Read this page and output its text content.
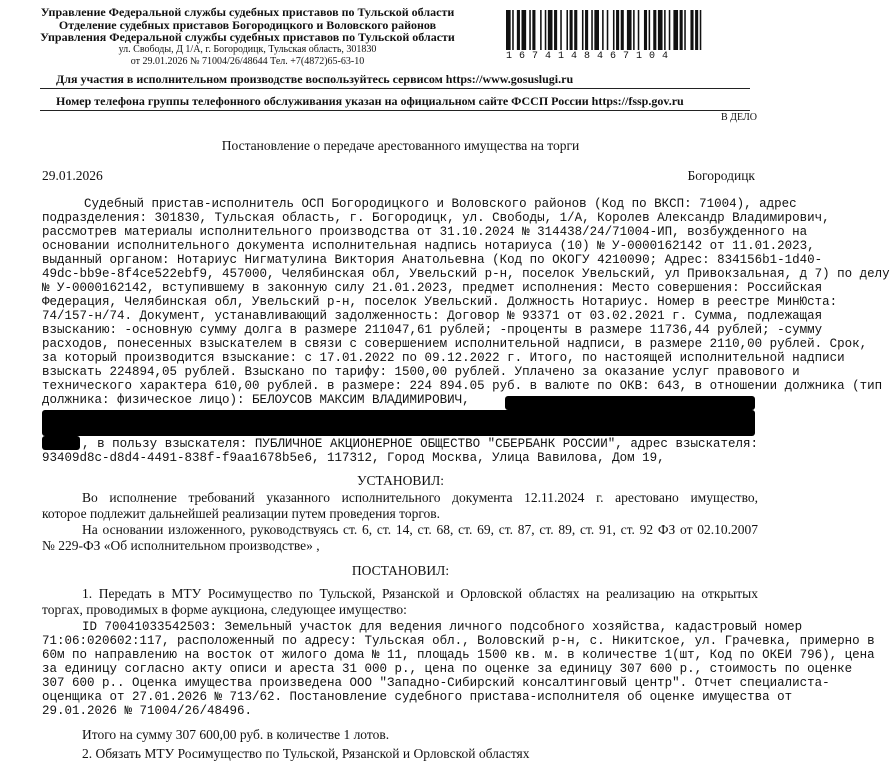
Управление Федеральной службы судебных приставов по Тульской области
Отделение судебных приставов Богородицкого и Воловского районов
Управления Федеральной службы судебных приставов по Тульской области
ул. Свободы, Д 1/А, г. Богородицк, Тульская область, 301830
от 29.01.2026 № 71004/26/48644 Тел. +7(4872)65-63-10	1674148467104
Для участия в исполнительном производстве воспользуйтесь сервисом https://www.gosuslugi.ru
Номер телефона группы телефонного обслуживания указан на официальном сайте ФССП России https://fssp.gov.ru
В ДЕЛО
Постановление о передаче арестованного имущества на торги
29.01.2026	Богородицк
Судебный пристав-исполнитель ОСП Богородицкого и Воловского районов (Код по ВКСП: 71004), адрес
подразделения: 301830, Тульская область, г. Богородицк, ул. Свободы, 1/А, Королев Александр Владимирович,
рассмотрев материалы исполнительного производства от 31.10.2024 № 314438/24/71004-ИП, возбужденного на
основании исполнительного документа исполнительная надпись нотариуса (10) № У-0000162142 от 11.01.2023,
выданный органом: Нотариус Нигматулина Виктория Анатольевна (Код по ОКОГУ 4210090; Адрес: 834156b1-1d40-
49dc-bb9e-8f4ce522ebf9, 457000, Челябинская обл, Увельский р-н, поселок Увельский, ул Привокзальная, д 7) по делу
№ У-0000162142, вступившему в законную силу 21.01.2023, предмет исполнения: Место совершения: Российская
Федерация, Челябинская обл, Увельский р-н, поселок Увельский. Должность Нотариус. Номер в реестре МинЮста:
74/157-н/74. Документ, устанавливающий задолженность: Договор № 93371 от 03.02.2021 г. Сумма, подлежащая
взысканию: -основную сумму долга в размере 211047,61 рублей; -проценты в размере 11736,44 рублей; -сумму
расходов, понесенных взыскателем в связи с совершением исполнительной надписи, в размере 2110,00 рублей. Срок,
за который производится взыскание: с 17.01.2022 по 09.12.2022 г. Итого, по настоящей исполнительной надписи
взыскать 224894,05 рублей. Взыскано по тарифу: 1500,00 рублей. Уплачено за оказание услуг правового и
технического характера 610,00 рублей. в размере: 224 894.05 руб. в валюте по ОКВ: 643, в отношении должника (тип
должника: физическое лицо): БЕЛОУСОВ МАКСИМ ВЛАДИМИРОВИЧ,
, в пользу взыскателя: ПУБЛИЧНОЕ АКЦИОНЕРНОЕ ОБЩЕСТВО "СБЕРБАНК РОССИИ", адрес взыскателя:
93409d8c-d8d4-4491-838f-f9aa1678b5e6, 117312, Город Москва, Улица Вавилова, Дом 19,
УСТАНОВИЛ:
Во исполнение требований указанного исполнительного документа 12.11.2024 г. арестовано имущество,
которое подлежит дальнейшей реализации путем проведения торгов.
На основании изложенного, руководствуясь ст. 6, ст. 14, ст. 68, ст. 69, ст. 87, ст. 89, ст. 91, ст. 92 ФЗ от 02.10.2007
№ 229-ФЗ «Об исполнительном производстве» ,
ПОСТАНОВИЛ:
1. Передать в МТУ Росимущество по Тульской, Рязанской и Орловской областях на реализацию на открытых
торгах, проводимых в форме аукциона, следующее имущество:
ID 70041033542503: Земельный участок для ведения личного подсобного хозяйства, кадастровый номер
71:06:020602:117, расположенный по адресу: Тульская обл., Воловский р-н, с. Никитское, ул. Грачевка, примерно в
60м по направлению на восток от жилого дома № 11, площадь 1500 кв. м. в количестве 1(шт, Код по ОКЕИ 796), цена
за единицу согласно акту описи и ареста 31 000 р., цена по оценке за единицу 307 600 р., стоимость по оценке
307 600 р.. Оценка имущества произведена ООО "Западно-Сибирский консалтинговый центр". Отчет специалиста-
оценщика от 27.01.2026 № 713/62. Постановление судебного пристава-исполнителя об оценке имущества от
29.01.2026 № 71004/26/48496.
Итого на сумму 307 600,00 руб. в количестве 1 лотов.
2. Обязать МТУ Росимущество по Тульской, Рязанской и Орловской областях
